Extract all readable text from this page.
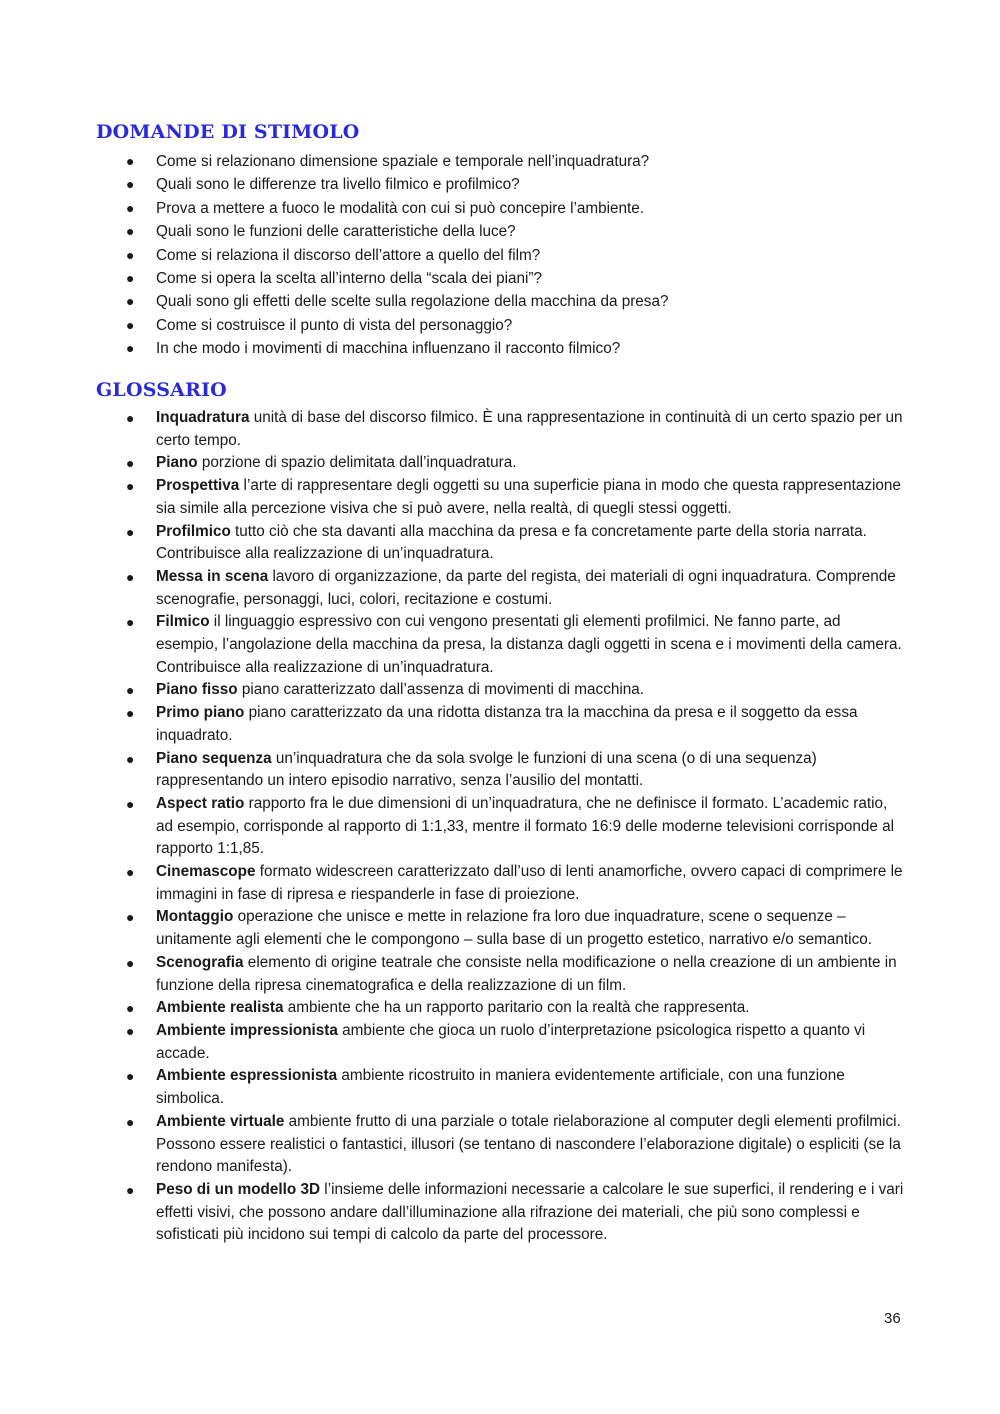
DOMANDE DI STIMOLO
● Come si relazionano dimensione spaziale e temporale nell’inquadratura?
● Quali sono le differenze tra livello filmico e profilmico?
● Prova a mettere a fuoco le modalità con cui si può concepire l’ambiente.
● Quali sono le funzioni delle caratteristiche della luce?
● Come si relaziona il discorso dell’attore a quello del film?
● Come si opera la scelta all’interno della “scala dei piani”?
● Quali sono gli effetti delle scelte sulla regolazione della macchina da presa?
● Come si costruisce il punto di vista del personaggio?
● In che modo i movimenti di macchina influenzano il racconto filmico?
GLOSSARIO
● Inquadratura unità di base del discorso filmico. È una rappresentazione in continuità di un certo spazio per un certo tempo.
● Piano porzione di spazio delimitata dall’inquadratura.
● Prospettiva l’arte di rappresentare degli oggetti su una superficie piana in modo che questa rappresentazione sia simile alla percezione visiva che si può avere, nella realtà, di quegli stessi oggetti.
● Profilmico tutto ciò che sta davanti alla macchina da presa e fa concretamente parte della storia narrata. Contribuisce alla realizzazione di un’inquadratura.
● Messa in scena lavoro di organizzazione, da parte del regista, dei materiali di ogni inquadratura. Comprende scenografie, personaggi, luci, colori, recitazione e costumi.
● Filmico il linguaggio espressivo con cui vengono presentati gli elementi profilmici. Ne fanno parte, ad esempio, l’angolazione della macchina da presa, la distanza dagli oggetti in scena e i movimenti della camera. Contribuisce alla realizzazione di un’inquadratura.
● Piano fisso piano caratterizzato dall’assenza di movimenti di macchina.
● Primo piano piano caratterizzato da una ridotta distanza tra la macchina da presa e il soggetto da essa inquadrato.
● Piano sequenza un’inquadratura che da sola svolge le funzioni di una scena (o di una sequenza) rappresentando un intero episodio narrativo, senza l’ausilio del montatti.
● Aspect ratio rapporto fra le due dimensioni di un’inquadratura, che ne definisce il formato. L’academic ratio, ad esempio, corrisponde al rapporto di 1:1,33, mentre il formato 16:9 delle moderne televisioni corrisponde al rapporto 1:1,85.
● Cinemascope formato widescreen caratterizzato dall’uso di lenti anamorfiche, ovvero capaci di comprimere le immagini in fase di ripresa e riespanderle in fase di proiezione.
● Montaggio operazione che unisce e mette in relazione fra loro due inquadrature, scene o sequenze – unitamente agli elementi che le compongono – sulla base di un progetto estetico, narrativo e/o semantico.
● Scenografia elemento di origine teatrale che consiste nella modificazione o nella creazione di un ambiente in funzione della ripresa cinematografica e della realizzazione di un film.
● Ambiente realista ambiente che ha un rapporto paritario con la realtà che rappresenta.
● Ambiente impressionista ambiente che gioca un ruolo d’interpretazione psicologica rispetto a quanto vi accade.
● Ambiente espressionista ambiente ricostruito in maniera evidentemente artificiale, con una funzione simbolica.
● Ambiente virtuale ambiente frutto di una parziale o totale rielaborazione al computer degli elementi profilmici. Possono essere realistici o fantastici, illusori (se tentano di nascondere l’elaborazione digitale) o espliciti (se la rendono manifesta).
● Peso di un modello 3D l’insieme delle informazioni necessarie a calcolare le sue superfici, il rendering e i vari effetti visivi, che possono andare dall’illuminazione alla rifrazione dei materiali, che più sono complessi e sofisticati più incidono sui tempi di calcolo da parte del processore.
36
